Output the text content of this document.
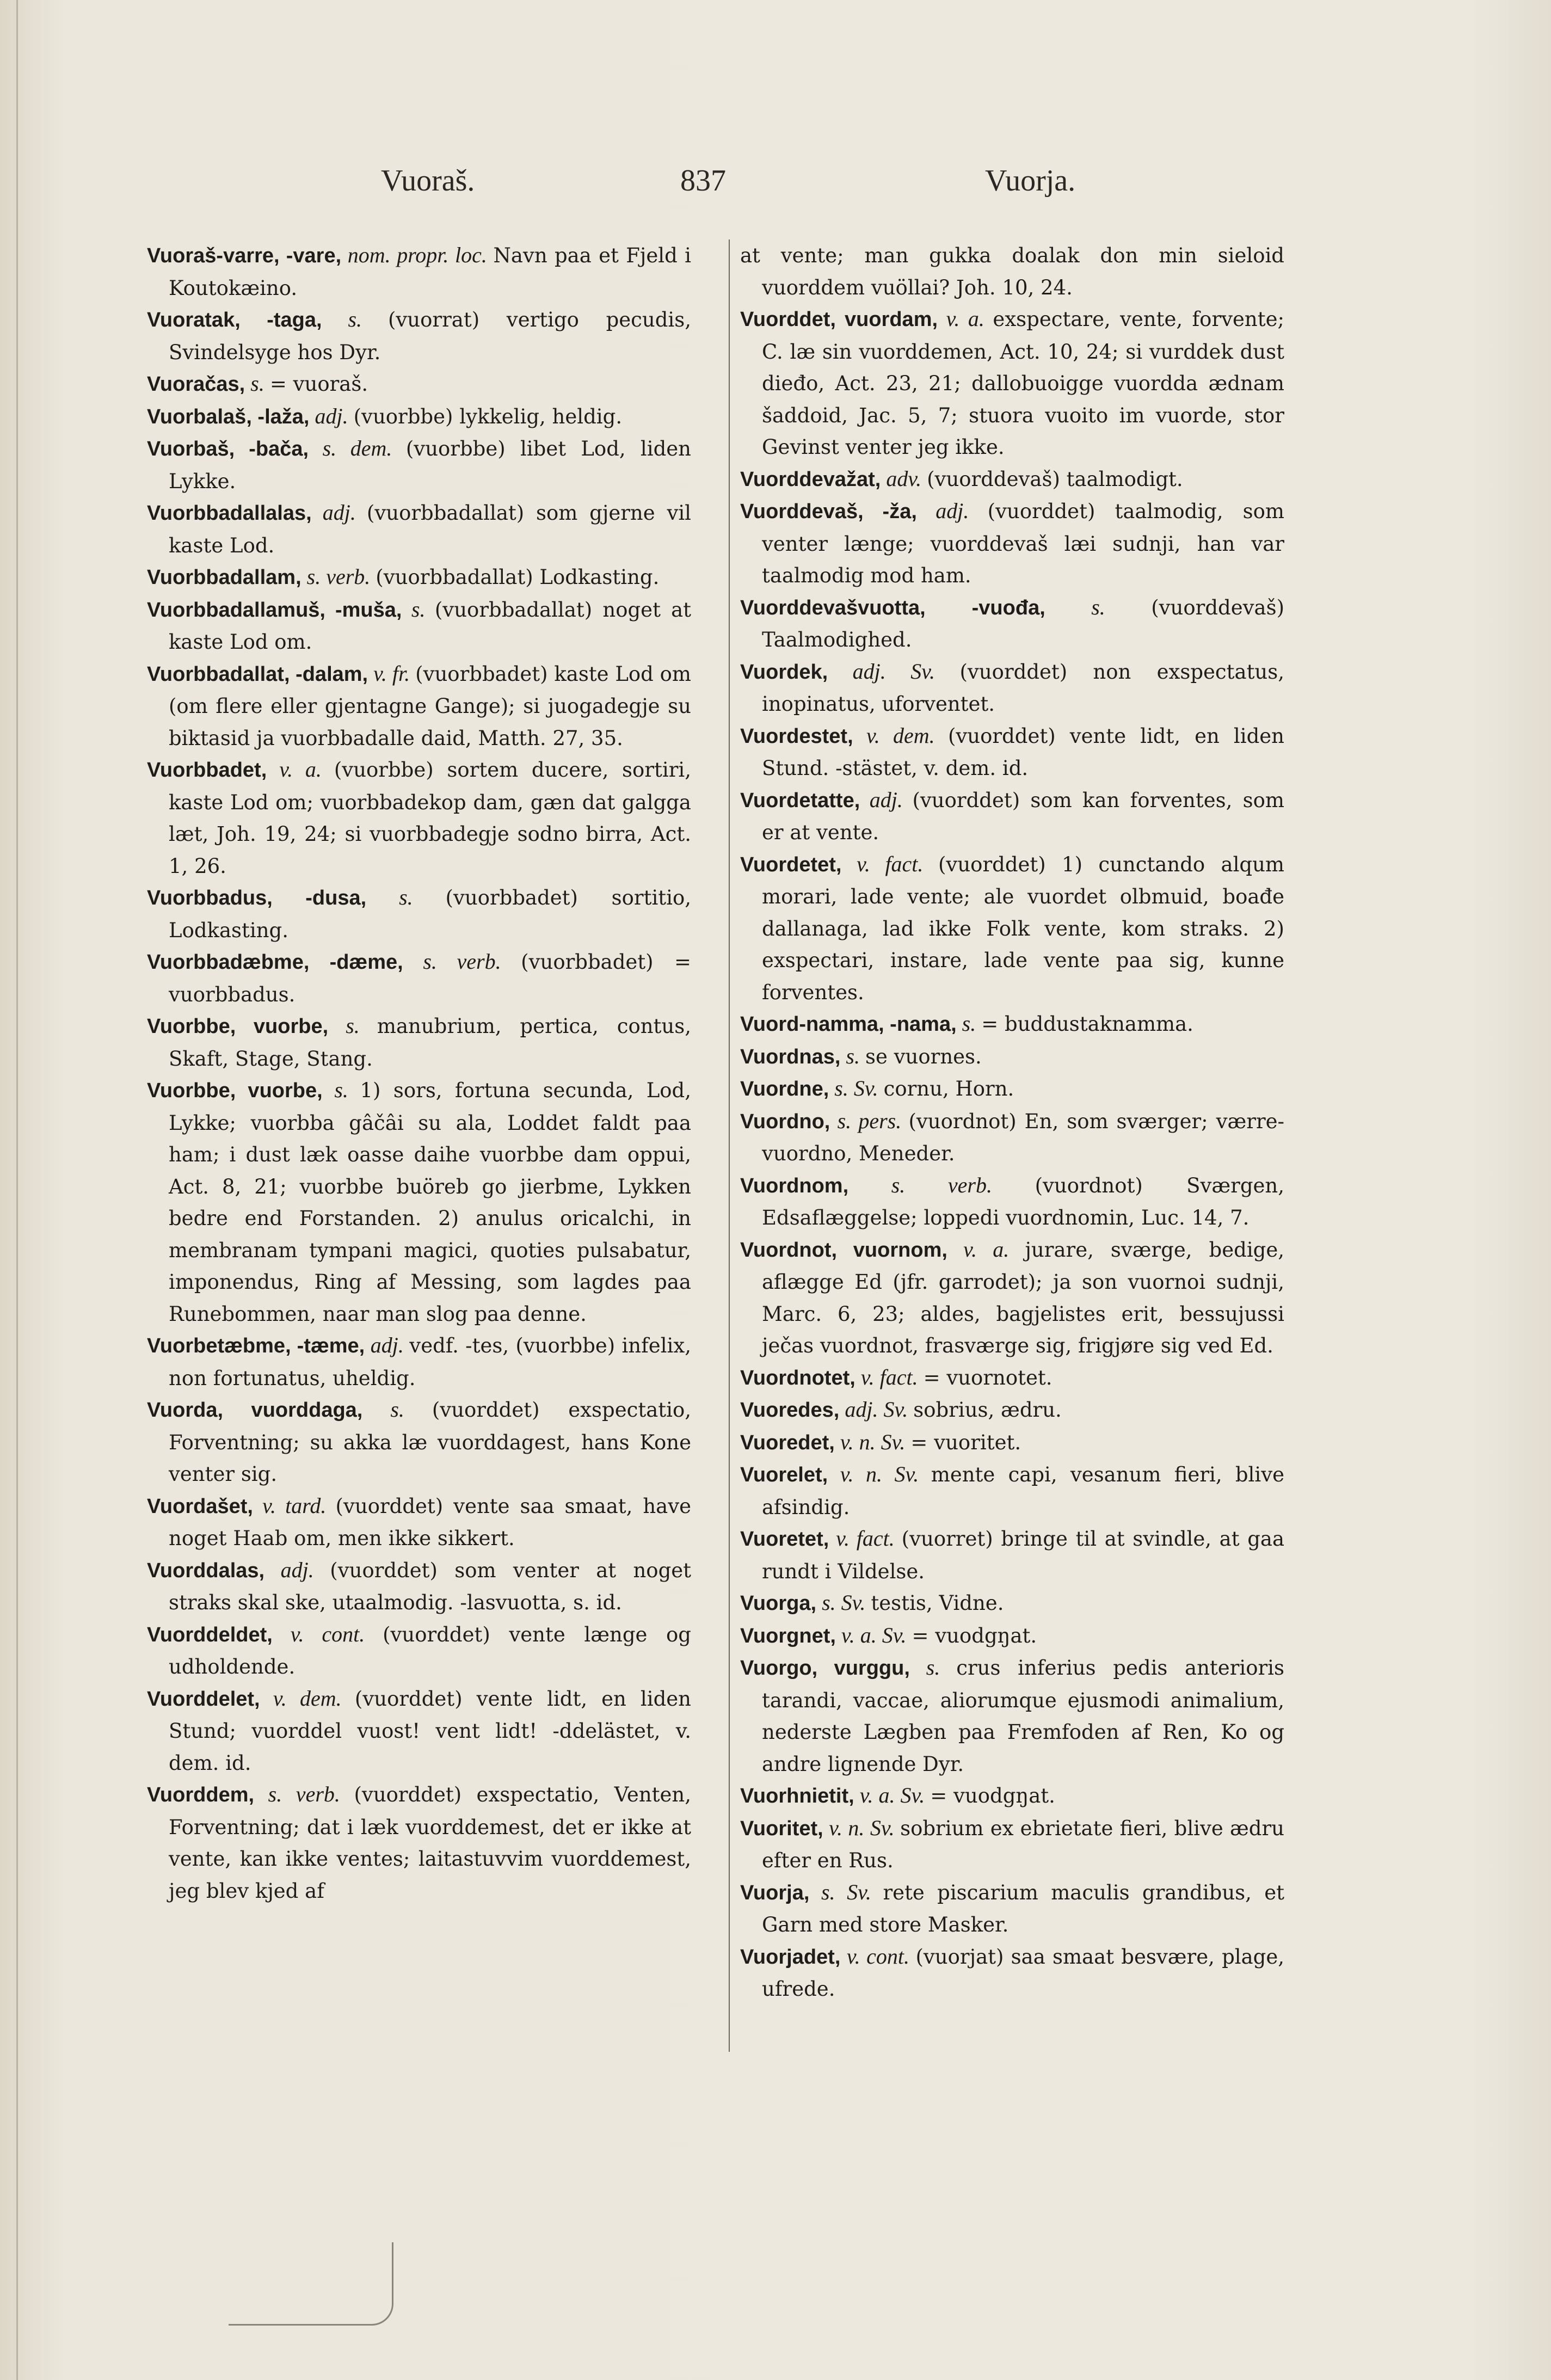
Vuoraš.	837	Vuorja.

Vuoraš-varre, -vare, nom. propr. loc. Navn paa et Fjeld i Koutokæino.

Vuoratak, -taga, s. (vuorrat) vertigo pecudis, Svindelsyge hos Dyr.

Vuoračas, s. = vuoraš.

Vuorbalaš, -laža, adj. (vuorbbe) lykkelig, heldig.

Vuorbaš, -bača, s. dem. (vuorbbe) libet Lod, liden Lykke.

Vuorbbadallalas, adj. (vuorbbadallat) som gjerne vil kaste Lod.

Vuorbbadallam, s. verb. (vuorbbadallat) Lodkasting.

Vuorbbadallamuš, -muša, s. (vuorbbadallat) noget at kaste Lod om.

Vuorbbadallat, -dalam, v. fr. (vuorbbadet) kaste Lod om (om flere eller gjentagne Gange); si juogadegje su biktasid ja vuorbbadalle daid, Matth. 27, 35.

Vuorbbadet, v. a. (vuorbbe) sortem ducere, sortiri, kaste Lod om; vuorbbadekop dam, gæn dat galgga læt, Joh. 19, 24; si vuorbbadegje sodno birra, Act. 1, 26.

Vuorbbadus, -dusa, s. (vuorbbadet) sortitio, Lodkasting.

Vuorbbadæbme, -dæme, s. verb. (vuorbbadet) = vuorbbadus.

Vuorbbe, vuorbe, s. manubrium, pertica, contus, Skaft, Stage, Stang.

Vuorbbe, vuorbe, s. 1) sors, fortuna secunda, Lod, Lykke; vuorbba gâčâi su ala, Loddet faldt paa ham; i dust læk oasse daihe vuorbbe dam oppui, Act. 8, 21; vuorbbe buöreb go jierbme, Lykken bedre end Forstanden. 2) anulus oricalchi, in membranam tympani magici, quoties pulsabatur, imponendus, Ring af Messing, som lagdes paa Runebommen, naar man slog paa denne.

Vuorbetæbme, -tæme, adj. vedf. -tes, (vuorbbe) infelix, non fortunatus, uheldig.

Vuorda, vuorddaga, s. (vuorddet) exspectatio, Forventning; su akka læ vuorddagest, hans Kone venter sig.

Vuordašet, v. tard. (vuorddet) vente saa smaat, have noget Haab om, men ikke sikkert.

Vuorddalas, adj. (vuorddet) som venter at noget straks skal ske, utaalmodig. -lasvuotta, s. id.

Vuorddeldet, v. cont. (vuorddet) vente længe og udholdende.

Vuorddelet, v. dem. (vuorddet) vente lidt, en liden Stund; vuorddel vuost! vent lidt! -ddelästet, v. dem. id.

Vuorddem, s. verb. (vuorddet) exspectatio, Venten, Forventning; dat i læk vuorddemest, det er ikke at vente, kan ikke ventes; laitastuvvim vuorddemest, jeg blev kjed af

at vente; man gukka doalak don min sieloid vuorddem vuöllai? Joh. 10, 24.

Vuorddet, vuordam, v. a. exspectare, vente, forvente; C. læ sin vuorddemen, Act. 10, 24; si vurddek dust dieđo, Act. 23, 21; dallobuoigge vuordda ædnam šaddoid, Jac. 5, 7; stuora vuoito im vuorde, stor Gevinst venter jeg ikke.

Vuorddevažat, adv. (vuorddevaš) taalmodigt.

Vuorddevaš, -ža, adj. (vuorddet) taalmodig, som venter længe; vuorddevaš læi sudnji, han var taalmodig mod ham.

Vuorddevašvuotta, -vuođa, s. (vuorddevaš) Taalmodighed.

Vuordek, adj. Sv. (vuorddet) non exspectatus, inopinatus, uforventet.

Vuordestet, v. dem. (vuorddet) vente lidt, en liden Stund. -stästet, v. dem. id.

Vuordetatte, adj. (vuorddet) som kan forventes, som er at vente.

Vuordetet, v. fact. (vuorddet) 1) cunctando alqum morari, lade vente; ale vuordet olbmuid, boađe dallanaga, lad ikke Folk vente, kom straks. 2) exspectari, instare, lade vente paa sig, kunne forventes.

Vuord-namma, -nama, s. = buddustaknamma.

Vuordnas, s. se vuornes.

Vuordne, s. Sv. cornu, Horn.

Vuordno, s. pers. (vuordnot) En, som sværger; værre-vuordno, Meneder.

Vuordnom, s. verb. (vuordnot) Sværgen, Edsaflæggelse; loppedi vuordnomin, Luc. 14, 7.

Vuordnot, vuornom, v. a. jurare, sværge, bedige, aflægge Ed (jfr. garrodet); ja son vuornoi sudnji, Marc. 6, 23; aldes, bagjelistes erit, bessujussi ječas vuordnot, frasværge sig, frigjøre sig ved Ed.

Vuordnotet, v. fact. = vuornotet.

Vuoredes, adj. Sv. sobrius, ædru.

Vuoredet, v. n. Sv. = vuoritet.

Vuorelet, v. n. Sv. mente capi, vesanum fieri, blive afsindig.

Vuoretet, v. fact. (vuorret) bringe til at svindle, at gaa rundt i Vildelse.

Vuorga, s. Sv. testis, Vidne.

Vuorgnet, v. a. Sv. = vuodgŋat.

Vuorgo, vurggu, s. crus inferius pedis anterioris tarandi, vaccae, aliorumque ejusmodi animalium, nederste Lægben paa Fremfoden af Ren, Ko og andre lignende Dyr.

Vuorhnietit, v. a. Sv. = vuodgŋat.

Vuoritet, v. n. Sv. sobrium ex ebrietate fieri, blive ædru efter en Rus.

Vuorja, s. Sv. rete piscarium maculis grandibus, et Garn med store Masker.

Vuorjadet, v. cont. (vuorjat) saa smaat besvære, plage, ufrede.
